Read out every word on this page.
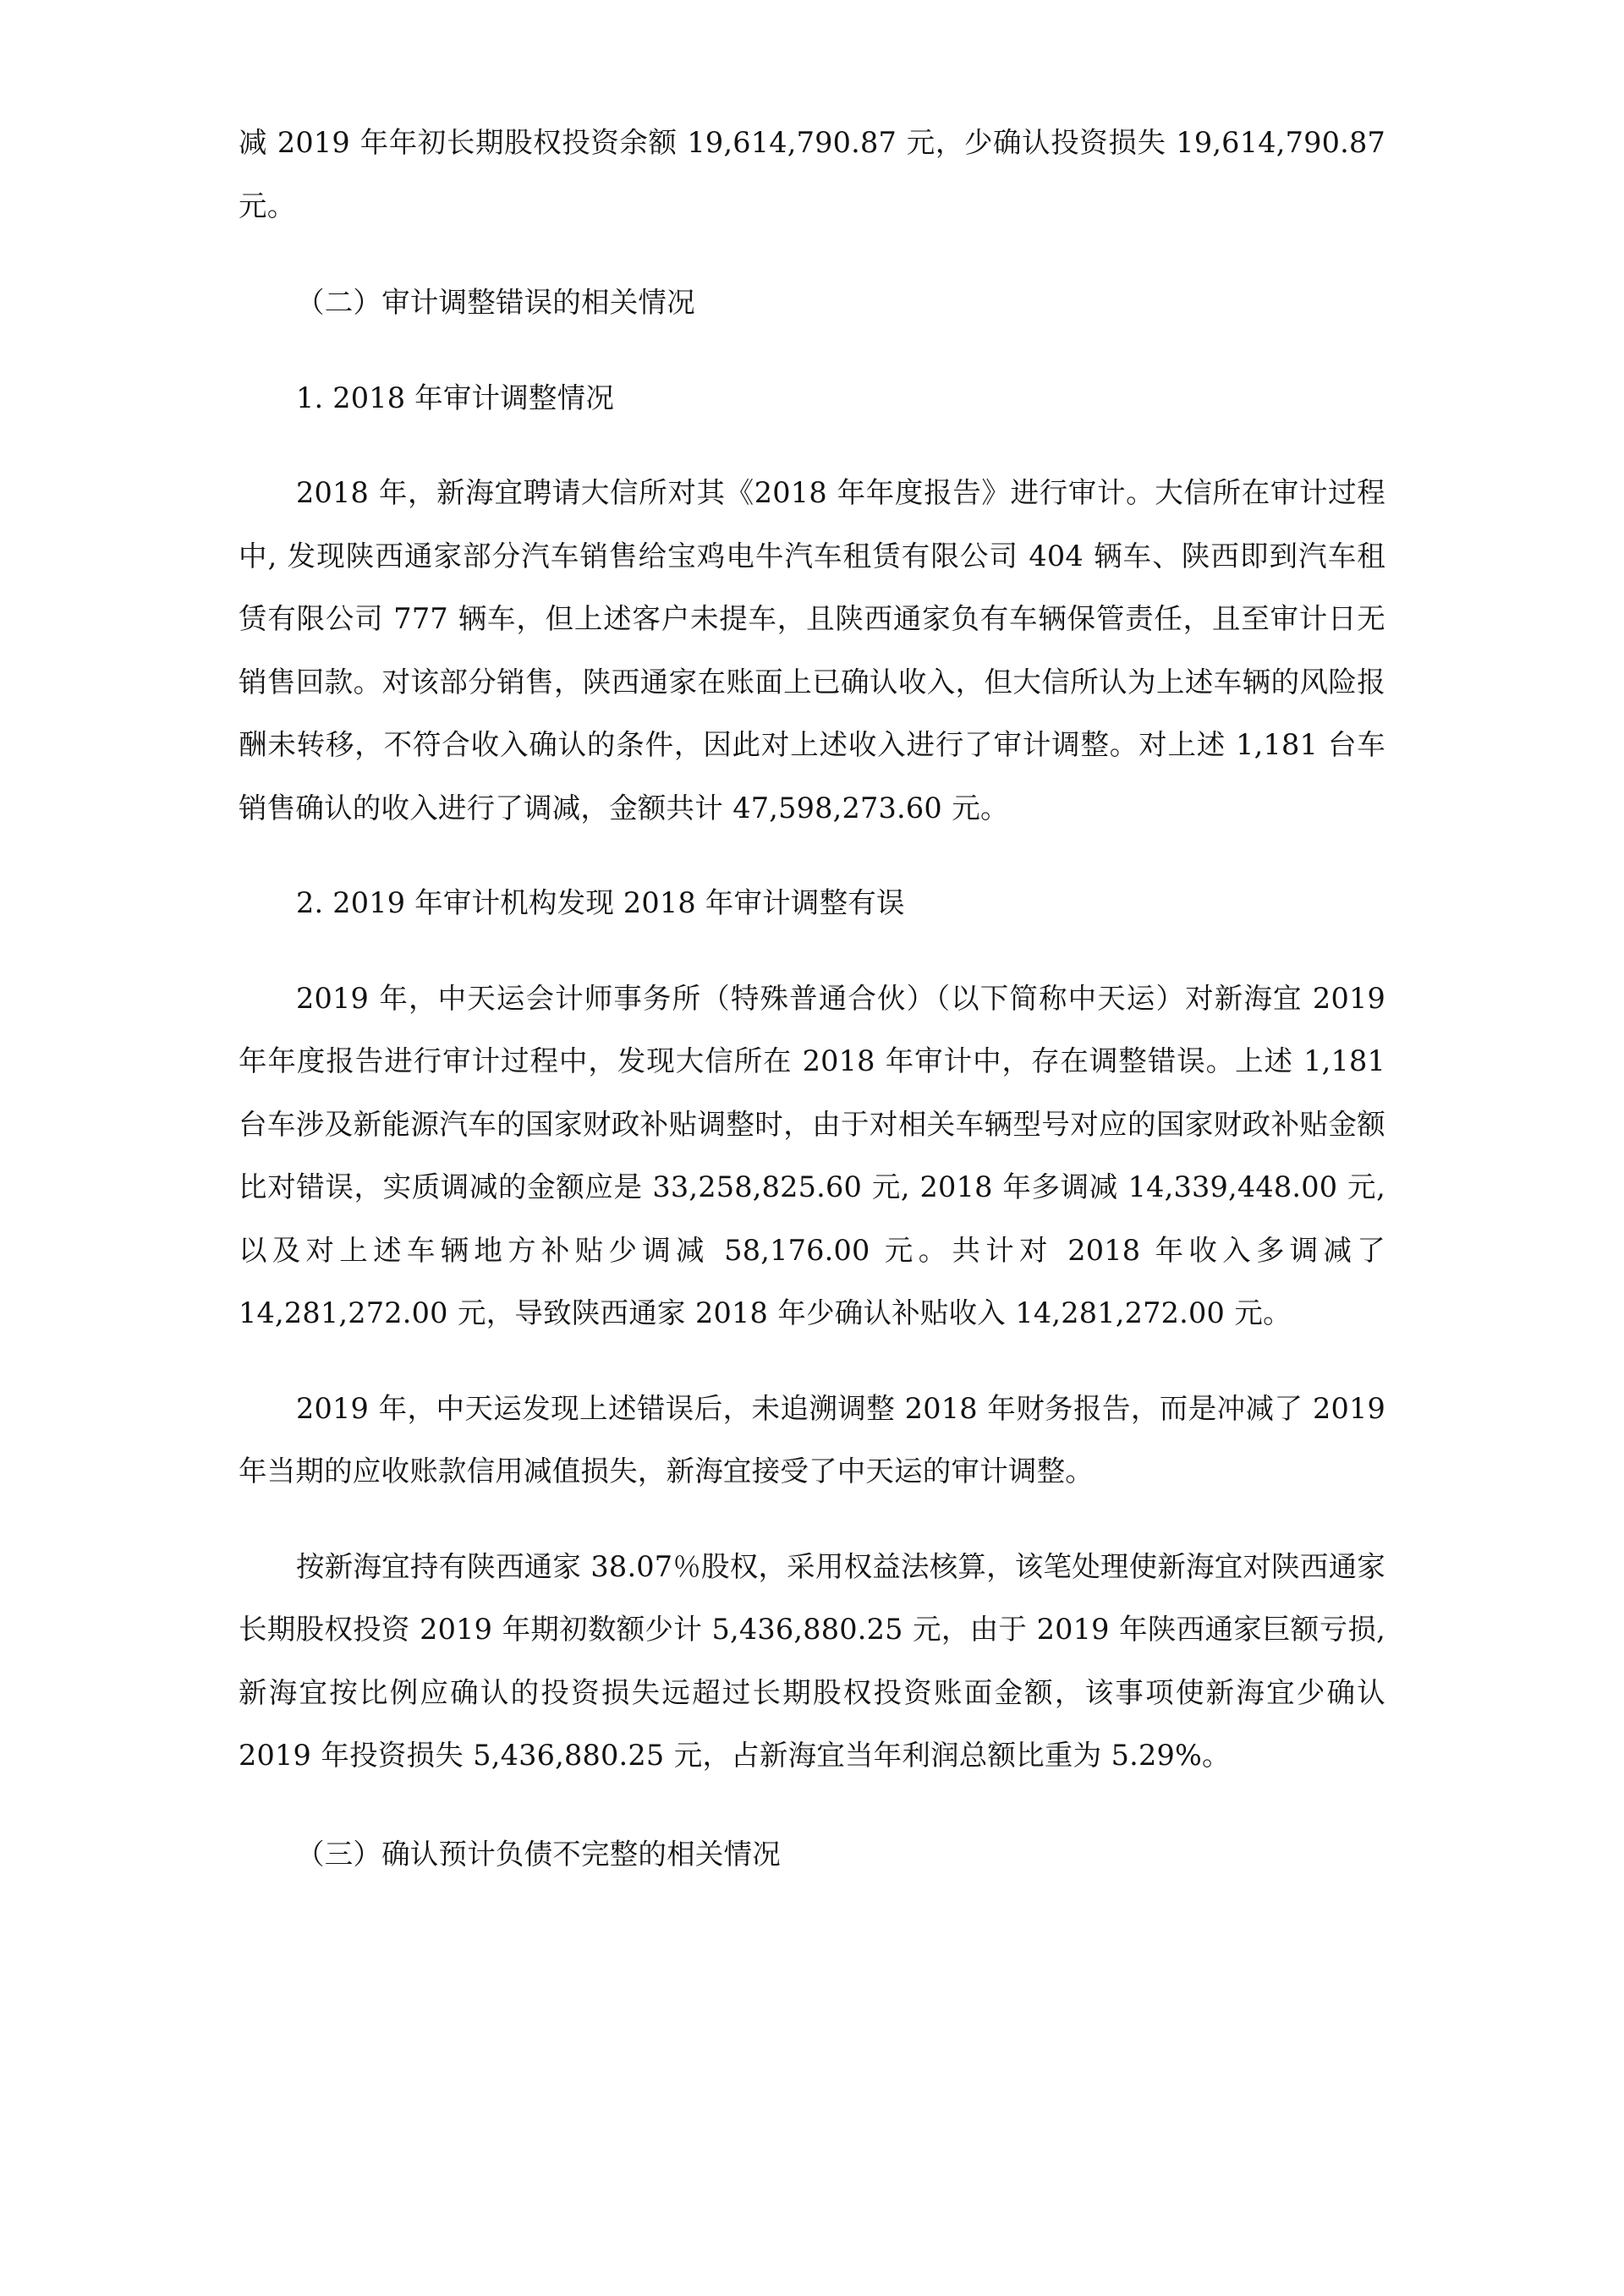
减 2019 年年初长期股权投资余额 19,614,790.87 元，少确认投资损失 19,614,790.87 元。

（二）审计调整错误的相关情况

1. 2018 年审计调整情况

2018 年，新海宜聘请大信所对其《2018 年年度报告》进行审计。大信所在审计过程中, 发现陕西通家部分汽车销售给宝鸡电牛汽车租赁有限公司 404 辆车、陕西即到汽车租赁有限公司 777 辆车，但上述客户未提车，且陕西通家负有车辆保管责任，且至审计日无销售回款。对该部分销售，陕西通家在账面上已确认收入，但大信所认为上述车辆的风险报酬未转移，不符合收入确认的条件，因此对上述收入进行了审计调整。对上述 1,181 台车销售确认的收入进行了调减，金额共计 47,598,273.60 元。

2. 2019 年审计机构发现 2018 年审计调整有误

2019 年，中天运会计师事务所（特殊普通合伙）（以下简称中天运）对新海宜 2019 年年度报告进行审计过程中，发现大信所在 2018 年审计中，存在调整错误。上述 1,181 台车涉及新能源汽车的国家财政补贴调整时，由于对相关车辆型号对应的国家财政补贴金额比对错误，实质调减的金额应是 33,258,825.60 元, 2018 年多调减 14,339,448.00 元, 以及对上述车辆地方补贴少调减 58,176.00 元。共计对 2018 年收入多调减了 14,281,272.00 元，导致陕西通家 2018 年少确认补贴收入 14,281,272.00 元。

2019 年，中天运发现上述错误后，未追溯调整 2018 年财务报告，而是冲减了 2019 年当期的应收账款信用减值损失，新海宜接受了中天运的审计调整。

按新海宜持有陕西通家 38.07％股权，采用权益法核算，该笔处理使新海宜对陕西通家长期股权投资 2019 年期初数额少计 5,436,880.25 元，由于 2019 年陕西通家巨额亏损, 新海宜按比例应确认的投资损失远超过长期股权投资账面金额，该事项使新海宜少确认 2019 年投资损失 5,436,880.25 元，占新海宜当年利润总额比重为 5.29%。

（三）确认预计负债不完整的相关情况
